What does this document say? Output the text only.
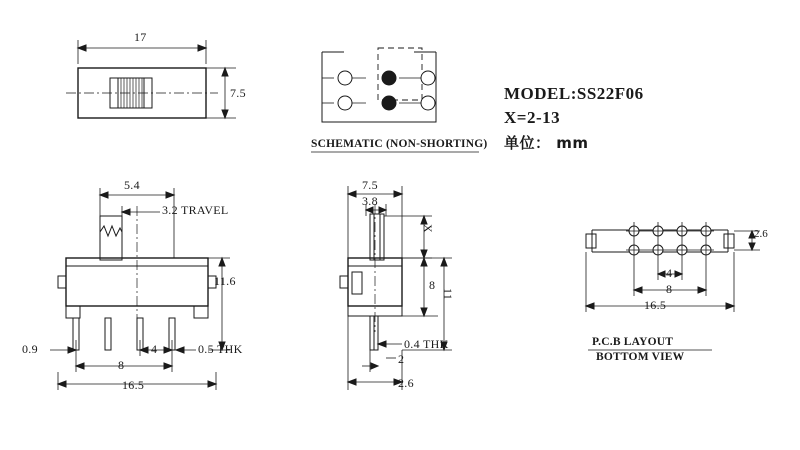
MODEL:SS22F06
X=2-13
单位： mm
17
7.5
SCHEMATIC (NON-SHORTING)
5.4
3.2 TRAVEL
11.6
0.9	4	0.5 THK
8
16.5
7.5
3.8
X
8
11
0.4 THK
2
2.6
2.6
4
8
16.5
P.C.B LAYOUT
BOTTOM VIEW
